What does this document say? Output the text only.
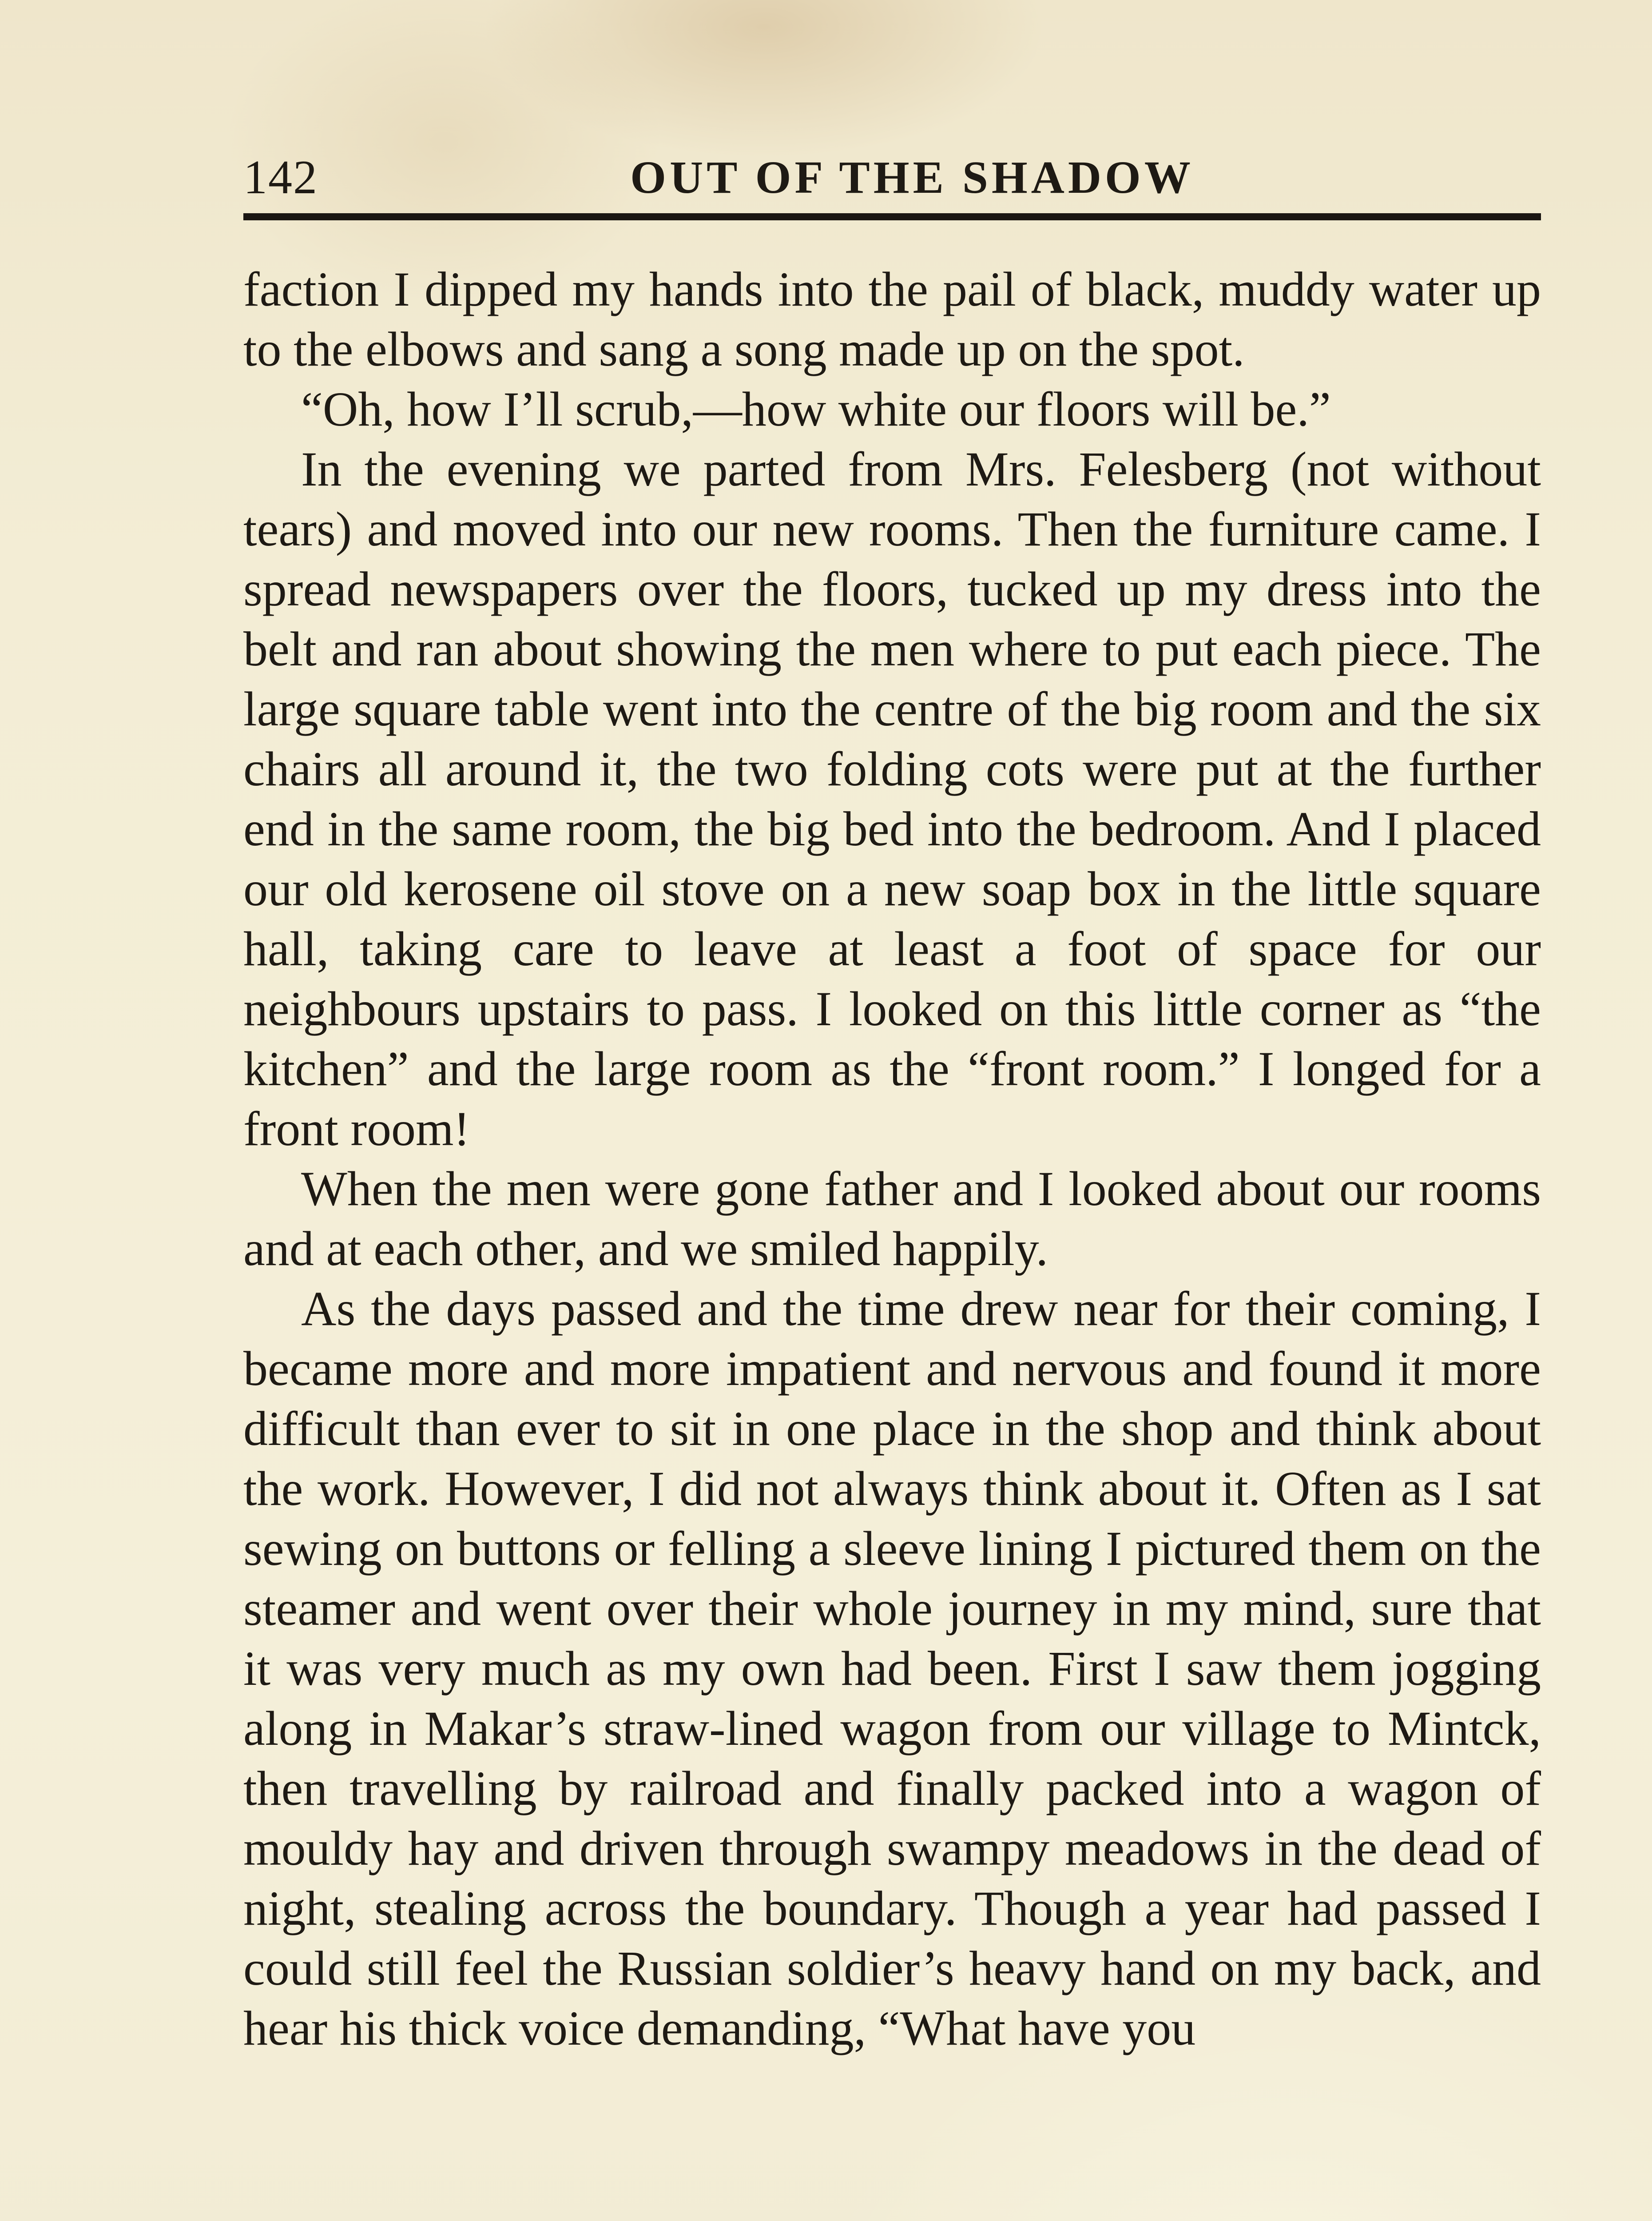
142	OUT OF THE SHADOW

faction I dipped my hands into the pail of black, muddy water up to the elbows and sang a song made up on the spot.

“Oh, how I’ll scrub,—how white our floors will be.”

In the evening we parted from Mrs. Felesberg (not without tears) and moved into our new rooms. Then the furniture came. I spread newspapers over the floors, tucked up my dress into the belt and ran about showing the men where to put each piece. The large square table went into the centre of the big room and the six chairs all around it, the two folding cots were put at the further end in the same room, the big bed into the bedroom. And I placed our old kerosene oil stove on a new soap box in the little square hall, taking care to leave at least a foot of space for our neighbours upstairs to pass. I looked on this little corner as “the kitchen” and the large room as the “front room.” I longed for a front room!

When the men were gone father and I looked about our rooms and at each other, and we smiled happily.

As the days passed and the time drew near for their coming, I became more and more impatient and nervous and found it more difficult than ever to sit in one place in the shop and think about the work. However, I did not always think about it. Often as I sat sewing on buttons or felling a sleeve lining I pictured them on the steamer and went over their whole journey in my mind, sure that it was very much as my own had been. First I saw them jogging along in Makar’s straw-lined wagon from our village to Mintck, then travelling by railroad and finally packed into a wagon of mouldy hay and driven through swampy meadows in the dead of night, stealing across the boundary. Though a year had passed I could still feel the Russian soldier’s heavy hand on my back, and hear his thick voice demanding, “What have you
